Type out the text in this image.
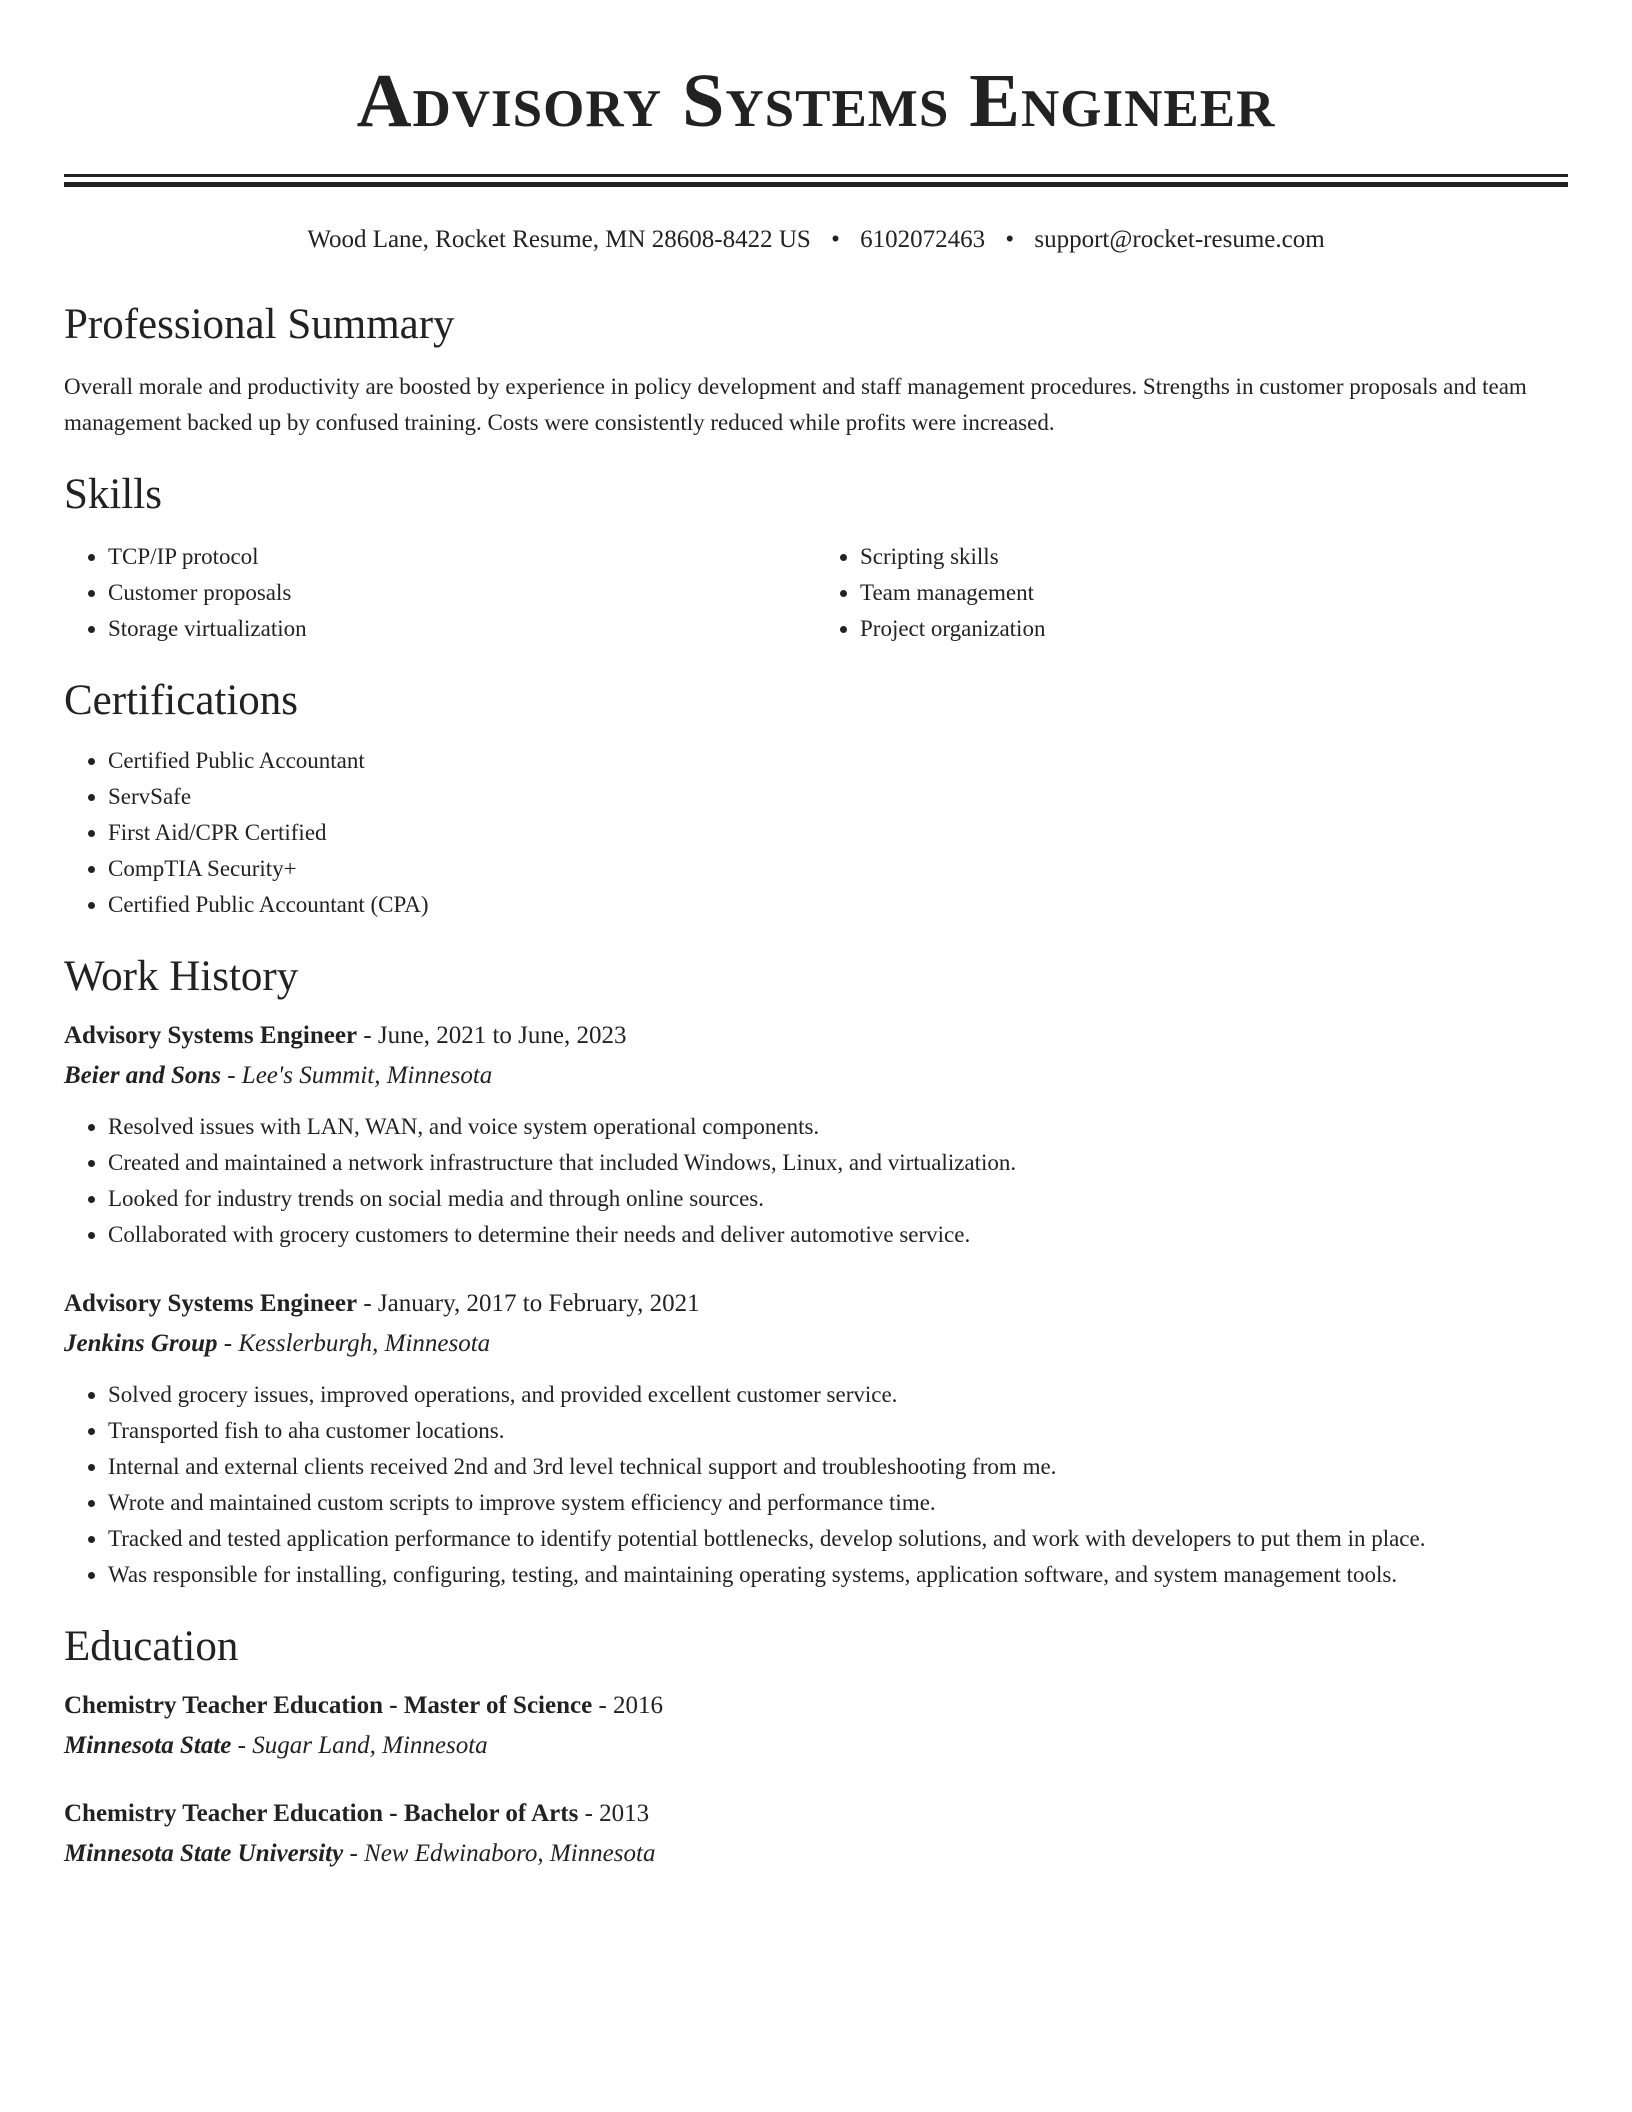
Advisory Systems Engineer
Wood Lane, Rocket Resume, MN 28608-8422 US • 6102072463 • support@rocket-resume.com
Professional Summary
Overall morale and productivity are boosted by experience in policy development and staff management procedures. Strengths in customer proposals and team management backed up by confused training. Costs were consistently reduced while profits were increased.
Skills
• TCP/IP protocol
• Customer proposals
• Storage virtualization
• Scripting skills
• Team management
• Project organization
Certifications
• Certified Public Accountant
• ServSafe
• First Aid/CPR Certified
• CompTIA Security+
• Certified Public Accountant (CPA)
Work History
Advisory Systems Engineer - June, 2021 to June, 2023
Beier and Sons - Lee's Summit, Minnesota
• Resolved issues with LAN, WAN, and voice system operational components.
• Created and maintained a network infrastructure that included Windows, Linux, and virtualization.
• Looked for industry trends on social media and through online sources.
• Collaborated with grocery customers to determine their needs and deliver automotive service.
Advisory Systems Engineer - January, 2017 to February, 2021
Jenkins Group - Kesslerburgh, Minnesota
• Solved grocery issues, improved operations, and provided excellent customer service.
• Transported fish to aha customer locations.
• Internal and external clients received 2nd and 3rd level technical support and troubleshooting from me.
• Wrote and maintained custom scripts to improve system efficiency and performance time.
• Tracked and tested application performance to identify potential bottlenecks, develop solutions, and work with developers to put them in place.
• Was responsible for installing, configuring, testing, and maintaining operating systems, application software, and system management tools.
Education
Chemistry Teacher Education - Master of Science - 2016
Minnesota State - Sugar Land, Minnesota
Chemistry Teacher Education - Bachelor of Arts - 2013
Minnesota State University - New Edwinaboro, Minnesota
